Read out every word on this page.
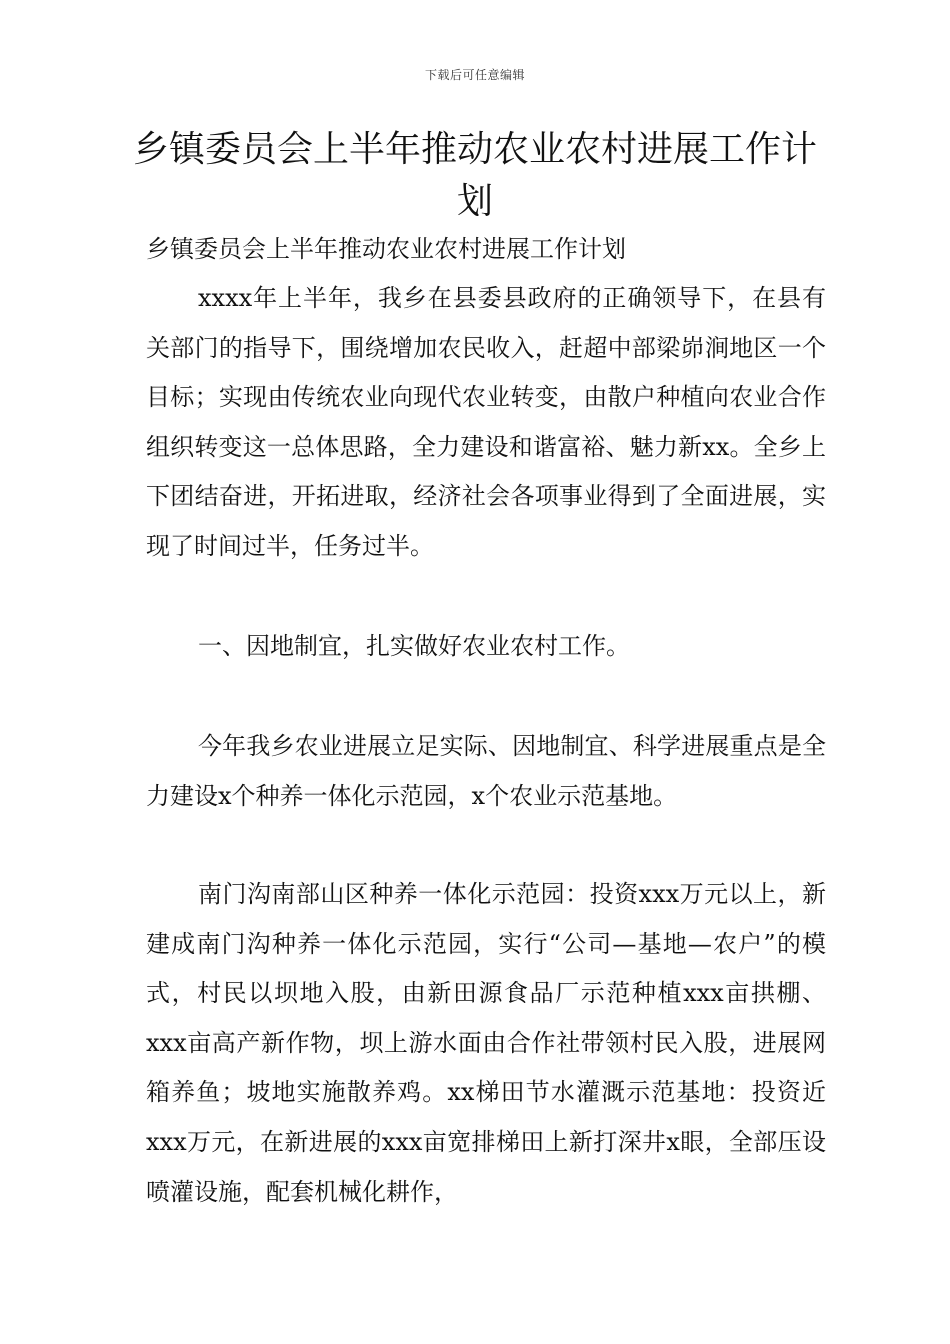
下载后可任意编辑
乡镇委员会上半年推动农业农村进展工作计划

乡镇委员会上半年推动农业农村进展工作计划

xxxx年上半年，我乡在县委县政府的正确领导下，在县有关部门的指导下，围绕增加农民收入，赶超中部梁峁涧地区一个目标；实现由传统农业向现代农业转变，由散户种植向农业合作组织转变这一总体思路，全力建设和谐富裕、魅力新xx。全乡上下团结奋进，开拓进取，经济社会各项事业得到了全面进展，实现了时间过半，任务过半。

一、因地制宜，扎实做好农业农村工作。

今年我乡农业进展立足实际、因地制宜、科学进展重点是全力建设x个种养一体化示范园，x个农业示范基地。

南门沟南部山区种养一体化示范园：投资xxx万元以上，新建成南门沟种养一体化示范园，实行“公司—基地—农户”的模式，村民以坝地入股，由新田源食品厂示范种植xxx亩拱棚、xxx亩高产新作物，坝上游水面由合作社带领村民入股，进展网箱养鱼；坡地实施散养鸡。xx梯田节水灌溉示范基地：投资近xxx万元，在新进展的xxx亩宽排梯田上新打深井x眼，全部压设喷灌设施，配套机械化耕作，
